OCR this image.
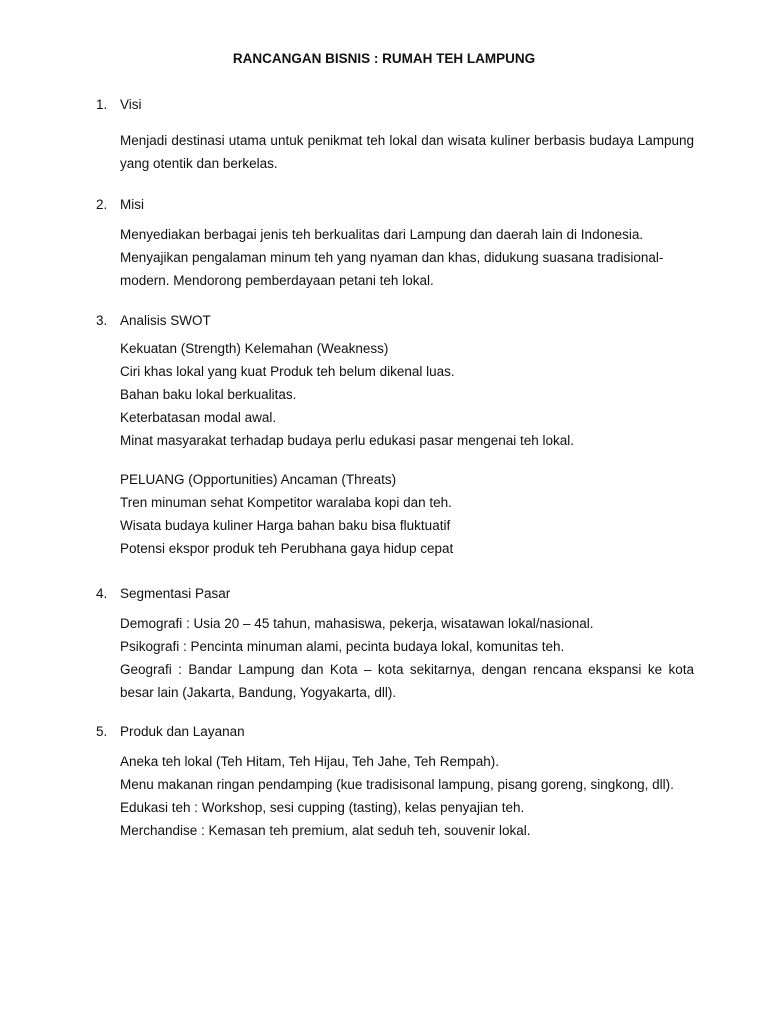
RANCANGAN BISNIS : RUMAH TEH LAMPUNG
1. Visi
Menjadi destinasi utama untuk penikmat teh lokal dan wisata kuliner berbasis budaya Lampung yang otentik dan berkelas.
2. Misi
Menyediakan berbagai jenis teh berkualitas dari Lampung dan daerah lain di Indonesia.
Menyajikan pengalaman minum teh yang nyaman dan khas, didukung suasana tradisional-
modern. Mendorong pemberdayaan petani teh lokal.
3. Analisis SWOT
Kekuatan (Strength) Kelemahan (Weakness)
Ciri khas lokal yang kuat Produk teh belum dikenal luas.
Bahan baku lokal berkualitas.
Keterbatasan modal awal.
Minat masyarakat terhadap budaya perlu edukasi pasar mengenai teh lokal.
PELUANG (Opportunities) Ancaman (Threats)
Tren minuman sehat Kompetitor waralaba kopi dan teh.
Wisata budaya kuliner Harga bahan baku bisa fluktuatif
Potensi ekspor produk teh Perubhana gaya hidup cepat
4. Segmentasi Pasar
Demografi : Usia 20 – 45 tahun, mahasiswa, pekerja, wisatawan lokal/nasional.
Psikografi : Pencinta minuman alami, pecinta budaya lokal, komunitas teh.
Geografi : Bandar Lampung dan Kota – kota sekitarnya, dengan rencana ekspansi ke kota besar lain (Jakarta, Bandung, Yogyakarta, dll).
5. Produk dan Layanan
Aneka teh lokal (Teh Hitam, Teh Hijau, Teh Jahe, Teh Rempah).
Menu makanan ringan pendamping (kue tradisisonal lampung, pisang goreng, singkong, dll).
Edukasi teh : Workshop, sesi cupping (tasting), kelas penyajian teh.
Merchandise : Kemasan teh premium, alat seduh teh, souvenir lokal.
